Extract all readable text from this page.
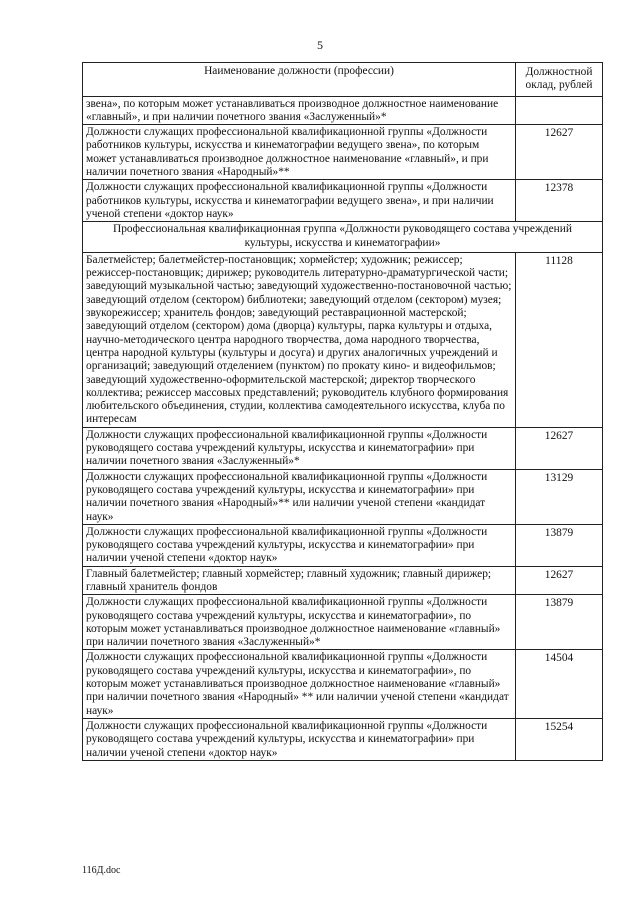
5
Наименование должности (профессии)	Должностной оклад, рублей
звена», по которым может устанавливаться производное должностное наименование «главный», и при наличии почетного звания «Заслуженный»*	
Должности служащих профессиональной квалификационной группы «Должности работников культуры, искусства и кинематографии ведущего звена», по которым может устанавливаться производное должностное наименование «главный», и при наличии почетного звания «Народный»**	12627
Должности служащих профессиональной квалификационной группы «Должности работников культуры, искусства и кинематографии ведущего звена», и при наличии ученой степени «доктор наук»	12378
Профессиональная квалификационная группа «Должности руководящего состава учреждений культуры, искусства и кинематографии»	
Балетмейстер; балетмейстер-постановщик; хормейстер; художник; режиссер; режиссер-постановщик; дирижер; руководитель литературно-драматургической части; заведующий музыкальной частью; заведующий художественно-постановочной частью; заведующий отделом (сектором) библиотеки; заведующий отделом (сектором) музея; звукорежиссер; хранитель фондов; заведующий реставрационной мастерской; заведующий отделом (сектором) дома (дворца) культуры, парка культуры и отдыха, научно-методического центра народного творчества, дома народного творчества, центра народной культуры (культуры и досуга) и других аналогичных учреждений и организаций; заведующий отделением (пунктом) по прокату кино- и видеофильмов; заведующий художественно-оформительской мастерской; директор творческого коллектива; режиссер массовых представлений; руководитель клубного формирования любительского объединения, студии, коллектива самодеятельного искусства, клуба по интересам	11128
Должности служащих профессиональной квалификационной группы «Должности руководящего состава учреждений культуры, искусства и кинематографии» при наличии почетного звания «Заслуженный»*	12627
Должности служащих профессиональной квалификационной группы «Должности руководящего состава учреждений культуры, искусства и кинематографии» при наличии почетного звания «Народный»** или наличии ученой степени «кандидат наук»	13129
Должности служащих профессиональной квалификационной группы «Должности руководящего состава учреждений культуры, искусства и кинематографии» при наличии ученой степени «доктор наук»	13879
Главный балетмейстер; главный хормейстер; главный художник; главный дирижер; главный хранитель фондов	12627
Должности служащих профессиональной квалификационной группы «Должности руководящего состава учреждений культуры, искусства и кинематографии», по которым может устанавливаться производное должностное наименование «главный» при наличии почетного звания «Заслуженный»*	13879
Должности служащих профессиональной квалификационной группы «Должности руководящего состава учреждений культуры, искусства и кинематографии», по которым может устанавливаться производное должностное наименование «главный» при наличии почетного звания «Народный» ** или наличии ученой степени «кандидат наук»	14504
Должности служащих профессиональной квалификационной группы «Должности руководящего состава учреждений культуры, искусства и кинематографии» при наличии ученой степени «доктор наук»	15254
116Д.doc
